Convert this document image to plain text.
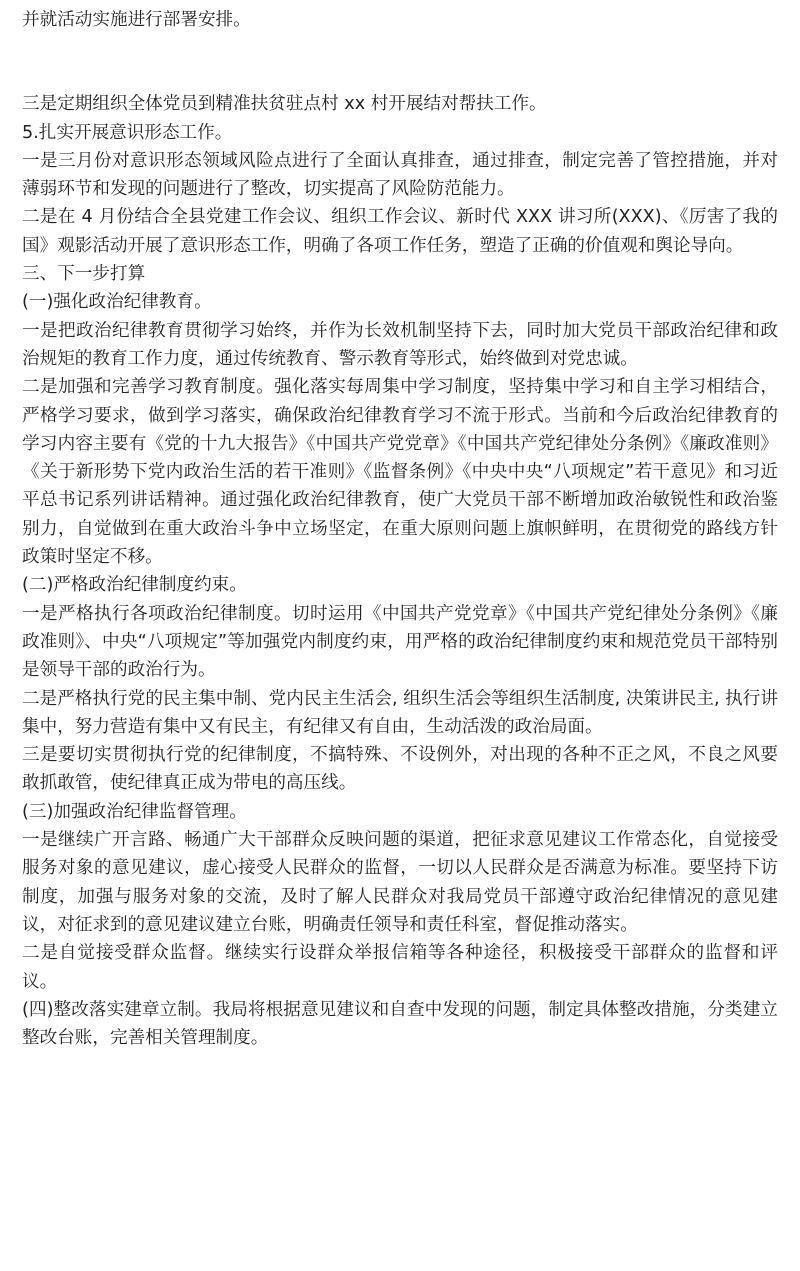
并就活动实施进行部署安排。

三是定期组织全体党员到精准扶贫驻点村 xx 村开展结对帮扶工作。

5.扎实开展意识形态工作。

一是三月份对意识形态领域风险点进行了全面认真排查，通过排查，制定完善了管控措施，并对薄弱环节和发现的问题进行了整改，切实提高了风险防范能力。

二是在 4 月份结合全县党建工作会议、组织工作会议、新时代 XXX 讲习所(XXX)、《厉害了我的国》观影活动开展了意识形态工作，明确了各项工作任务，塑造了正确的价值观和舆论导向。

三、下一步打算

(一)强化政治纪律教育。

一是把政治纪律教育贯彻学习始终，并作为长效机制坚持下去，同时加大党员干部政治纪律和政治规矩的教育工作力度，通过传统教育、警示教育等形式，始终做到对党忠诚。

二是加强和完善学习教育制度。强化落实每周集中学习制度，坚持集中学习和自主学习相结合，严格学习要求，做到学习落实，确保政治纪律教育学习不流于形式。当前和今后政治纪律教育的学习内容主要有《党的十九大报告》《中国共产党党章》《中国共产党纪律处分条例》《廉政准则》《关于新形势下党内政治生活的若干准则》《监督条例》《中央中央“八项规定”若干意见》和习近平总书记系列讲话精神。通过强化政治纪律教育，使广大党员干部不断增加政治敏锐性和政治鉴别力，自觉做到在重大政治斗争中立场坚定，在重大原则问题上旗帜鲜明，在贯彻党的路线方针政策时坚定不移。

(二)严格政治纪律制度约束。

一是严格执行各项政治纪律制度。切时运用《中国共产党党章》《中国共产党纪律处分条例》《廉政准则》、中央“八项规定”等加强党内制度约束，用严格的政治纪律制度约束和规范党员干部特别是领导干部的政治行为。

二是严格执行党的民主集中制、党内民主生活会, 组织生活会等组织生活制度, 决策讲民主, 执行讲集中，努力营造有集中又有民主，有纪律又有自由，生动活泼的政治局面。

三是要切实贯彻执行党的纪律制度，不搞特殊、不设例外，对出现的各种不正之风，不良之风要敢抓敢管，使纪律真正成为带电的高压线。

(三)加强政治纪律监督管理。

一是继续广开言路、畅通广大干部群众反映问题的渠道，把征求意见建议工作常态化，自觉接受服务对象的意见建议，虚心接受人民群众的监督，一切以人民群众是否满意为标准。要坚持下访制度，加强与服务对象的交流，及时了解人民群众对我局党员干部遵守政治纪律情况的意见建议，对征求到的意见建议建立台账，明确责任领导和责任科室，督促推动落实。

二是自觉接受群众监督。继续实行设群众举报信箱等各种途径，积极接受干部群众的监督和评议。

(四)整改落实建章立制。我局将根据意见建议和自查中发现的问题，制定具体整改措施，分类建立整改台账，完善相关管理制度。
